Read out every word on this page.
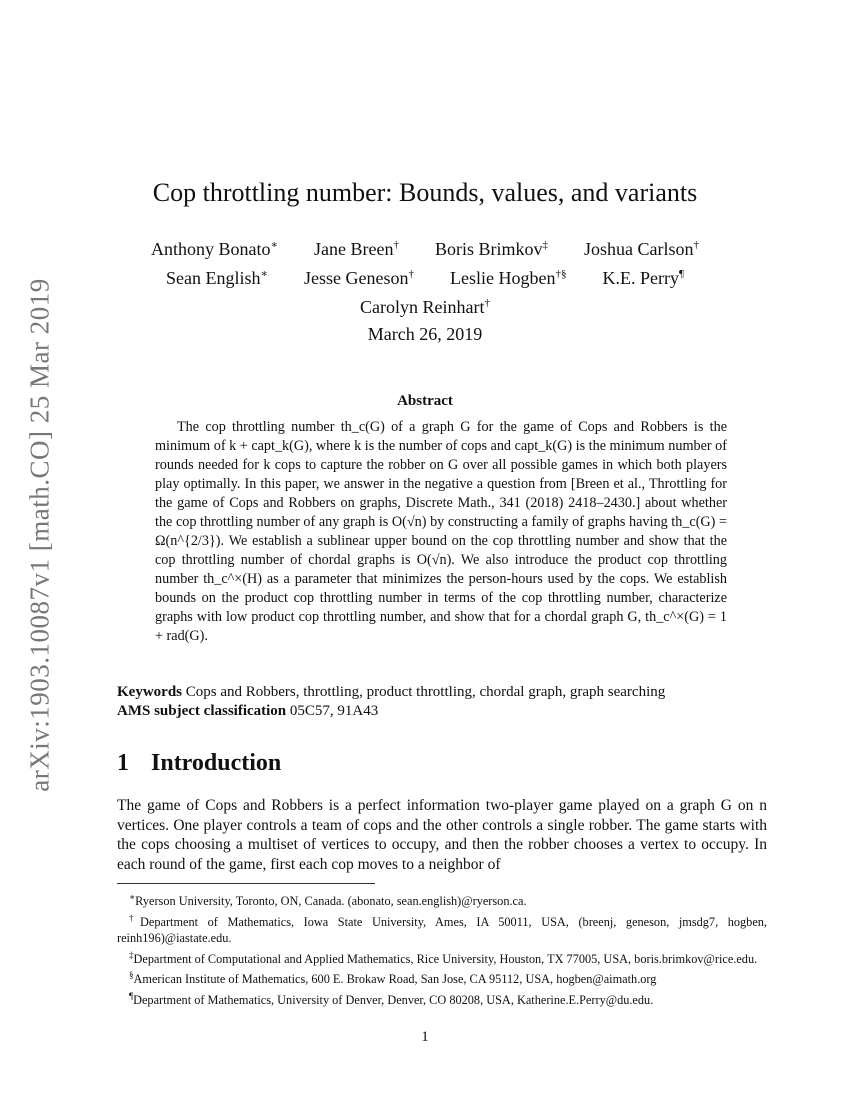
arXiv:1903.10087v1 [math.CO] 25 Mar 2019
Cop throttling number: Bounds, values, and variants
Anthony Bonato∗ Jane Breen† Boris Brimkov‡ Joshua Carlson†
Sean English∗ Jesse Geneson† Leslie Hogben†§ K.E. Perry¶
Carolyn Reinhart†
March 26, 2019
Abstract

The cop throttling number th_c(G) of a graph G for the game of Cops and Robbers is the minimum of k + capt_k(G), where k is the number of cops and capt_k(G) is the minimum number of rounds needed for k cops to capture the robber on G over all possible games in which both players play optimally. In this paper, we answer in the negative a question from [Breen et al., Throttling for the game of Cops and Robbers on graphs, Discrete Math., 341 (2018) 2418–2430.] about whether the cop throttling number of any graph is O(√n) by constructing a family of graphs having th_c(G) = Ω(n^{2/3}). We establish a sublinear upper bound on the cop throttling number and show that the cop throttling number of chordal graphs is O(√n). We also introduce the product cop throttling number th_c^×(H) as a parameter that minimizes the person-hours used by the cops. We establish bounds on the product cop throttling number in terms of the cop throttling number, characterize graphs with low product cop throttling number, and show that for a chordal graph G, th_c^×(G) = 1 + rad(G).

Keywords Cops and Robbers, throttling, product throttling, chordal graph, graph searching

AMS subject classification 05C57, 91A43

1 Introduction

The game of Cops and Robbers is a perfect information two-player game played on a graph G on n vertices. One player controls a team of cops and the other controls a single robber. The game starts with the cops choosing a multiset of vertices to occupy, and then the robber chooses a vertex to occupy. In each round of the game, first each cop moves to a neighbor of

∗Ryerson University, Toronto, ON, Canada. (abonato, sean.english)@ryerson.ca.

†Department of Mathematics, Iowa State University, Ames, IA 50011, USA, (breenj, geneson, jmsdg7, hogben, reinh196)@iastate.edu.

‡Department of Computational and Applied Mathematics, Rice University, Houston, TX 77005, USA, boris.brimkov@rice.edu.

§American Institute of Mathematics, 600 E. Brokaw Road, San Jose, CA 95112, USA, hogben@aimath.org

¶Department of Mathematics, University of Denver, Denver, CO 80208, USA, Katherine.E.Perry@du.edu.

1
